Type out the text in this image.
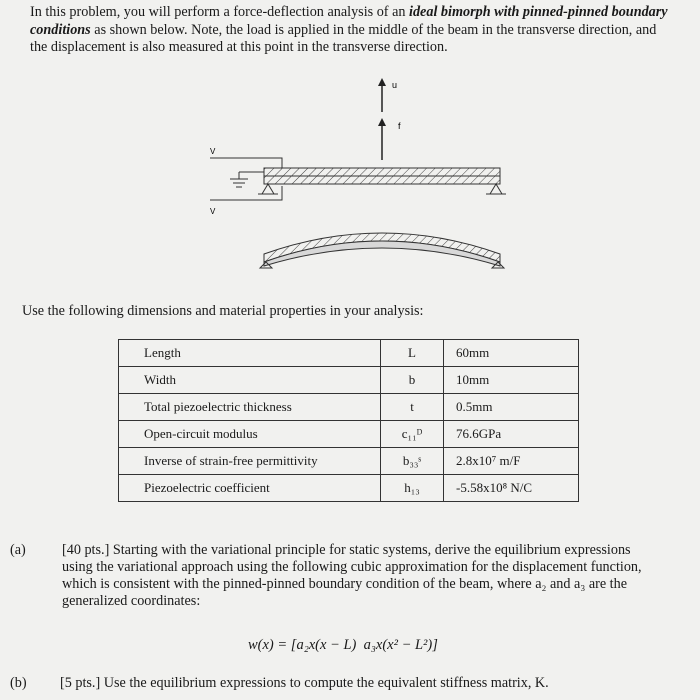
In this problem, you will perform a force-deflection analysis of an ideal bimorph with pinned-pinned boundary conditions as shown below. Note, the load is applied in the middle of the beam in the transverse direction, and the displacement is also measured at this point in the transverse direction.
u
f
V
V
Use the following dimensions and material properties in your analysis:
Length	L	60mm
Width	b	10mm
Total piezoelectric thickness	t	0.5mm
Open-circuit modulus	c₁₁ᴰ	76.6GPa
Inverse of strain-free permittivity	b₃₃ˢ	2.8x10⁷ m/F
Piezoelectric coefficient	h₁₃	-5.58x10⁸ N/C
(a)	[40 pts.] Starting with the variational principle for static systems, derive the equilibrium expressions using the variational approach using the following cubic approximation for the displacement function, which is consistent with the pinned-pinned boundary condition of the beam, where a₂ and a₃ are the generalized coordinates:
w(x) = [a₂x(x − L)  a₃x(x² − L²)]
(b) [5 pts.] Use the equilibrium expressions to compute the equivalent stiffness matrix, K.
